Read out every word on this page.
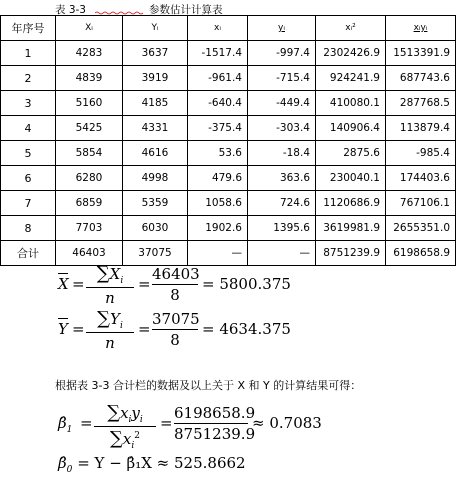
表 3-3	参数估计计算表
年序号	Xᵢ	Yᵢ	xᵢ	yᵢ	xᵢ²	xᵢyᵢ
1	4283	3637	-1517.4	-997.4	2302426.9	1513391.9
2	4839	3919	-961.4	-715.4	924241.9	687743.6
3	5160	4185	-640.4	-449.4	410080.1	287768.5
4	5425	4331	-375.4	-303.4	140906.4	113879.4
5	5854	4616	53.6	-18.4	2875.6	-985.4
6	6280	4998	479.6	363.6	230040.1	174403.6
7	6859	5359	1058.6	724.6	1120686.9	767106.1
8	7703	6030	1902.6	1395.6	3619981.9	2655351.0
合计	46403	37075	—	—	8751239.9	6198658.9
$X = \sum X_i$
n
=
46403
8
= 5800.375
$Y = \sum Y_i$
n
=
37075
8
= 4634.375
根据表 3-3 合计栏的数据及以上关于 X 和 Y 的计算结果可得：
$\betâ_1 = \sum x_iy_i$
$\sum x_i^2$
=
6198658.9
8751239.9
≈ 0.7083
$\betâ_0 = Y$ − β̂₁X ≈ 525.8662
